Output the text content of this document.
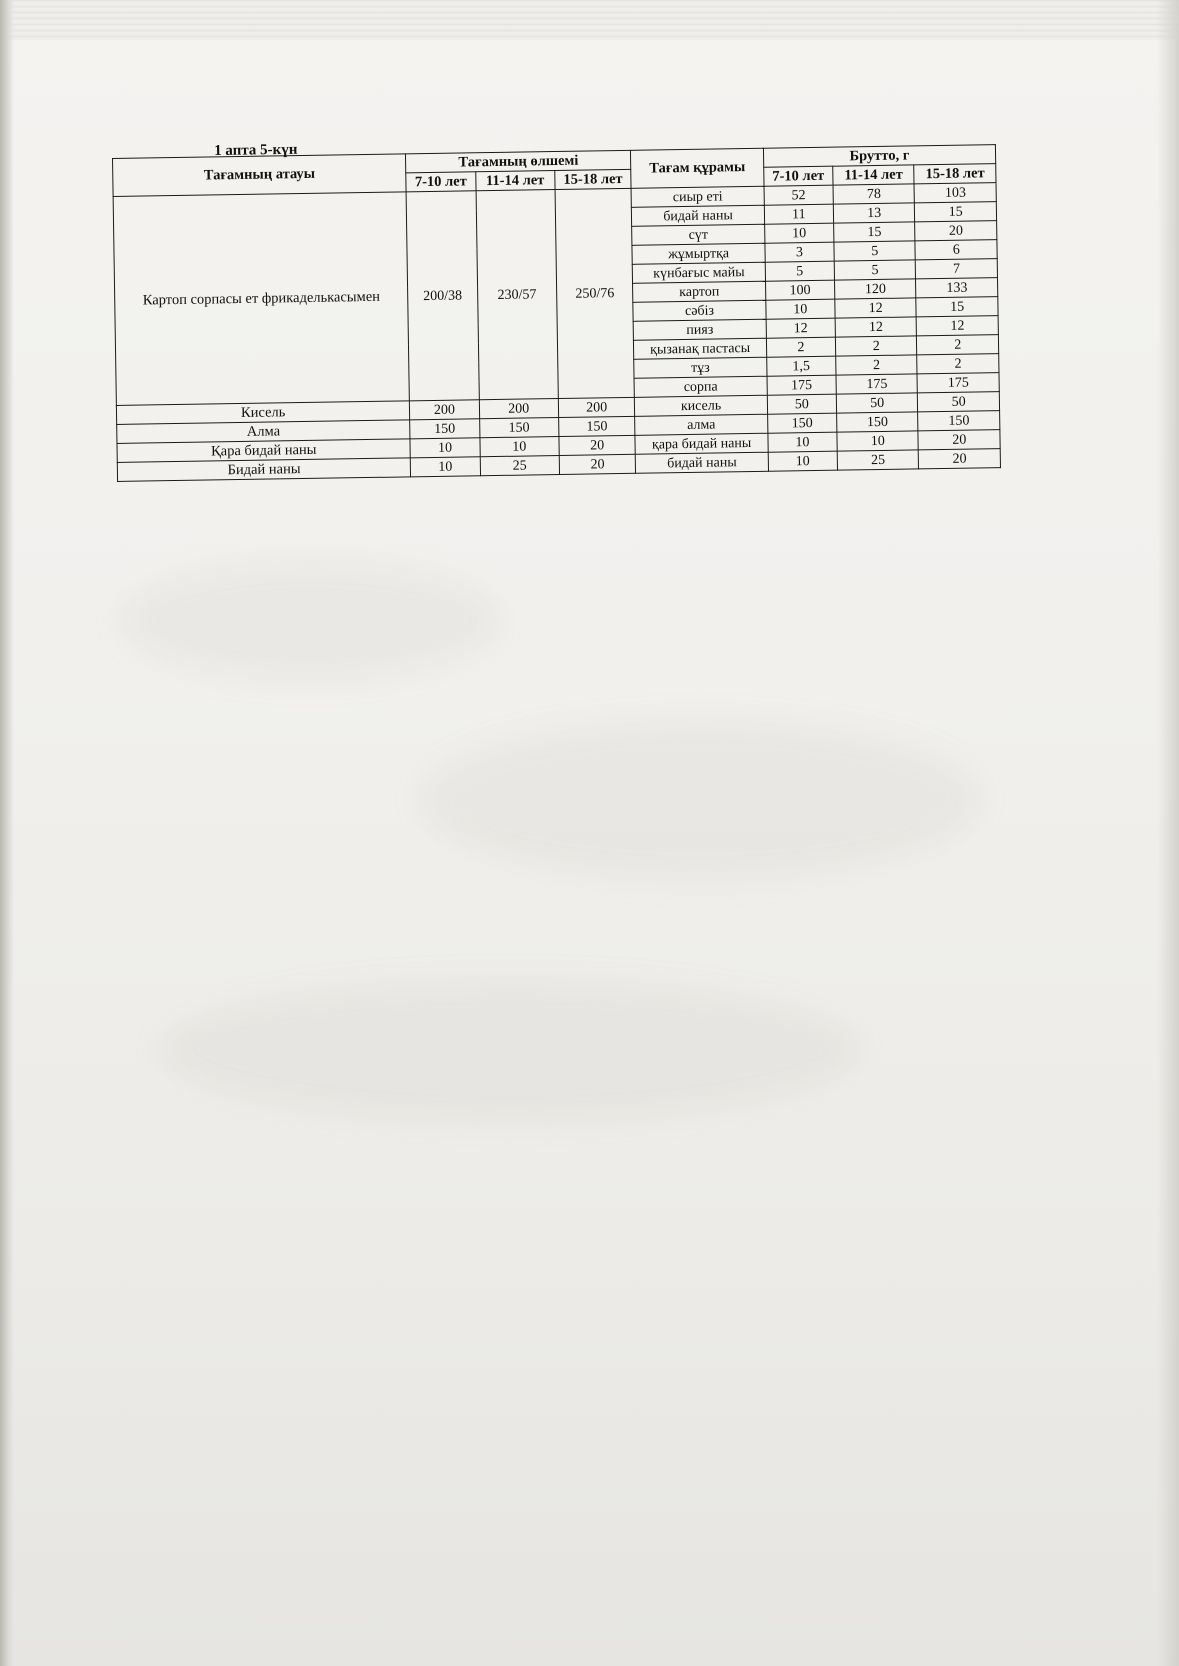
1 апта 5-күн
Тағамның атауы	Тағамның өлшемі			Тағам құрамы	Брутто, г		
	7-10 лет	11-14 лет	15-18 лет		7-10 лет	11-14 лет	15-18 лет
Картоп сорпасы ет фрикаделькасымен	200/38	230/57	250/76	сиыр еті	52	78	103
				бидай наны	11	13	15
				сүт	10	15	20
				жұмыртқа	3	5	6
				күнбағыс майы	5	5	7
				картоп	100	120	133
				сәбіз	10	12	15
				пияз	12	12	12
				қызанақ пастасы	2	2	2
				тұз	1,5	2	2
				сорпа	175	175	175
Кисель	200	200	200	кисель	50	50	50
Алма	150	150	150	алма	150	150	150
Қара бидай наны	10	10	20	қара бидай наны	10	10	20
Бидай наны	10	25	20	бидай наны	10	25	20
